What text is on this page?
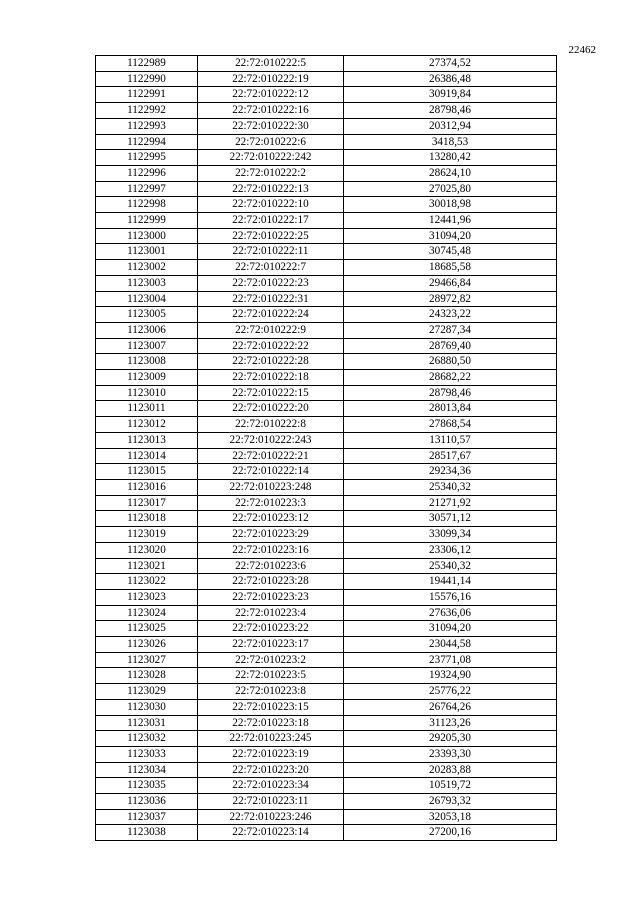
22462
1122989	22:72:010222:5	27374,52
1122990	22:72:010222:19	26386,48
1122991	22:72:010222:12	30919,84
1122992	22:72:010222:16	28798,46
1122993	22:72:010222:30	20312,94
1122994	22:72:010222:6	3418,53
1122995	22:72:010222:242	13280,42
1122996	22:72:010222:2	28624,10
1122997	22:72:010222:13	27025,80
1122998	22:72:010222:10	30018,98
1122999	22:72:010222:17	12441,96
1123000	22:72:010222:25	31094,20
1123001	22:72:010222:11	30745,48
1123002	22:72:010222:7	18685,58
1123003	22:72:010222:23	29466,84
1123004	22:72:010222:31	28972,82
1123005	22:72:010222:24	24323,22
1123006	22:72:010222:9	27287,34
1123007	22:72:010222:22	28769,40
1123008	22:72:010222:28	26880,50
1123009	22:72:010222:18	28682,22
1123010	22:72:010222:15	28798,46
1123011	22:72:010222:20	28013,84
1123012	22:72:010222:8	27868,54
1123013	22:72:010222:243	13110,57
1123014	22:72:010222:21	28517,67
1123015	22:72:010222:14	29234,36
1123016	22:72:010223:248	25340,32
1123017	22:72:010223:3	21271,92
1123018	22:72:010223:12	30571,12
1123019	22:72:010223:29	33099,34
1123020	22:72:010223:16	23306,12
1123021	22:72:010223:6	25340,32
1123022	22:72:010223:28	19441,14
1123023	22:72:010223:23	15576,16
1123024	22:72:010223:4	27636,06
1123025	22:72:010223:22	31094,20
1123026	22:72:010223:17	23044,58
1123027	22:72:010223:2	23771,08
1123028	22:72:010223:5	19324,90
1123029	22:72:010223:8	25776,22
1123030	22:72:010223:15	26764,26
1123031	22:72:010223:18	31123,26
1123032	22:72:010223:245	29205,30
1123033	22:72:010223:19	23393,30
1123034	22:72:010223:20	20283,88
1123035	22:72:010223:34	10519,72
1123036	22:72:010223:11	26793,32
1123037	22:72:010223:246	32053,18
1123038	22:72:010223:14	27200,16
